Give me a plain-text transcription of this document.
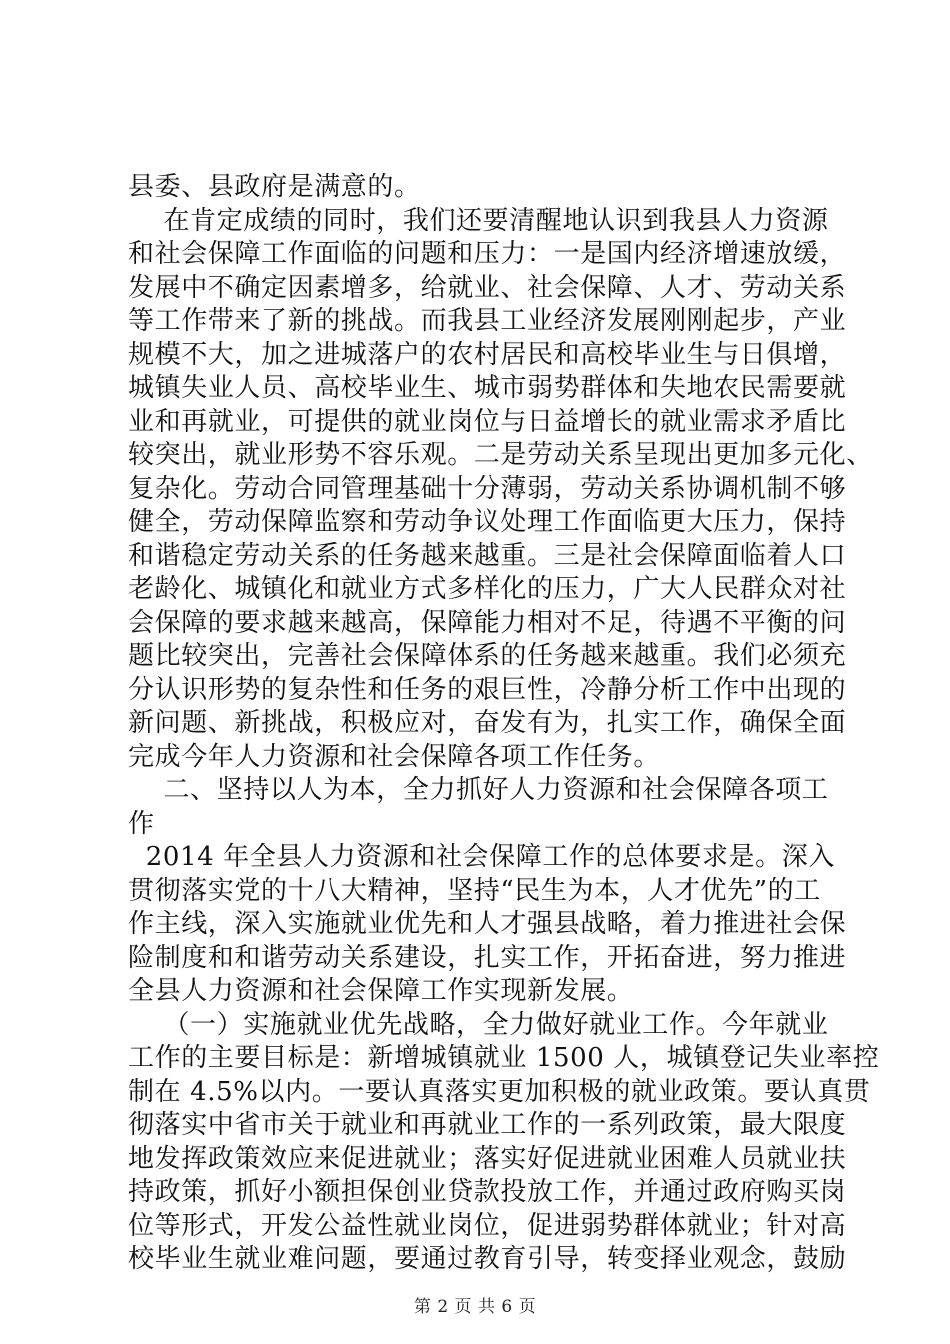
县委、县政府是满意的。
在肯定成绩的同时，我们还要清醒地认识到我县人力资源
和社会保障工作面临的问题和压力：一是国内经济增速放缓，
发展中不确定因素增多，给就业、社会保障、人才、劳动关系
等工作带来了新的挑战。而我县工业经济发展刚刚起步，产业
规模不大，加之进城落户的农村居民和高校毕业生与日俱增，
城镇失业人员、高校毕业生、城市弱势群体和失地农民需要就
业和再就业，可提供的就业岗位与日益增长的就业需求矛盾比
较突出，就业形势不容乐观。二是劳动关系呈现出更加多元化、
复杂化。劳动合同管理基础十分薄弱，劳动关系协调机制不够
健全，劳动保障监察和劳动争议处理工作面临更大压力，保持
和谐稳定劳动关系的任务越来越重。三是社会保障面临着人口
老龄化、城镇化和就业方式多样化的压力，广大人民群众对社
会保障的要求越来越高，保障能力相对不足，待遇不平衡的问
题比较突出，完善社会保障体系的任务越来越重。我们必须充
分认识形势的复杂性和任务的艰巨性，冷静分析工作中出现的
新问题、新挑战，积极应对，奋发有为，扎实工作，确保全面
完成今年人力资源和社会保障各项工作任务。
二、坚持以人为本，全力抓好人力资源和社会保障各项工
作
2014 年全县人力资源和社会保障工作的总体要求是。深入
贯彻落实党的十八大精神，坚持“民生为本，人才优先”的工
作主线，深入实施就业优先和人才强县战略，着力推进社会保
险制度和和谐劳动关系建设，扎实工作，开拓奋进，努力推进
全县人力资源和社会保障工作实现新发展。
（一）实施就业优先战略，全力做好就业工作。今年就业
工作的主要目标是：新增城镇就业 1500 人，城镇登记失业率控
制在 4.5%以内。一要认真落实更加积极的就业政策。要认真贯
彻落实中省市关于就业和再就业工作的一系列政策，最大限度
地发挥政策效应来促进就业；落实好促进就业困难人员就业扶
持政策，抓好小额担保创业贷款投放工作，并通过政府购买岗
位等形式，开发公益性就业岗位，促进弱势群体就业；针对高
校毕业生就业难问题，要通过教育引导，转变择业观念，鼓励
第 2 页 共 6 页
